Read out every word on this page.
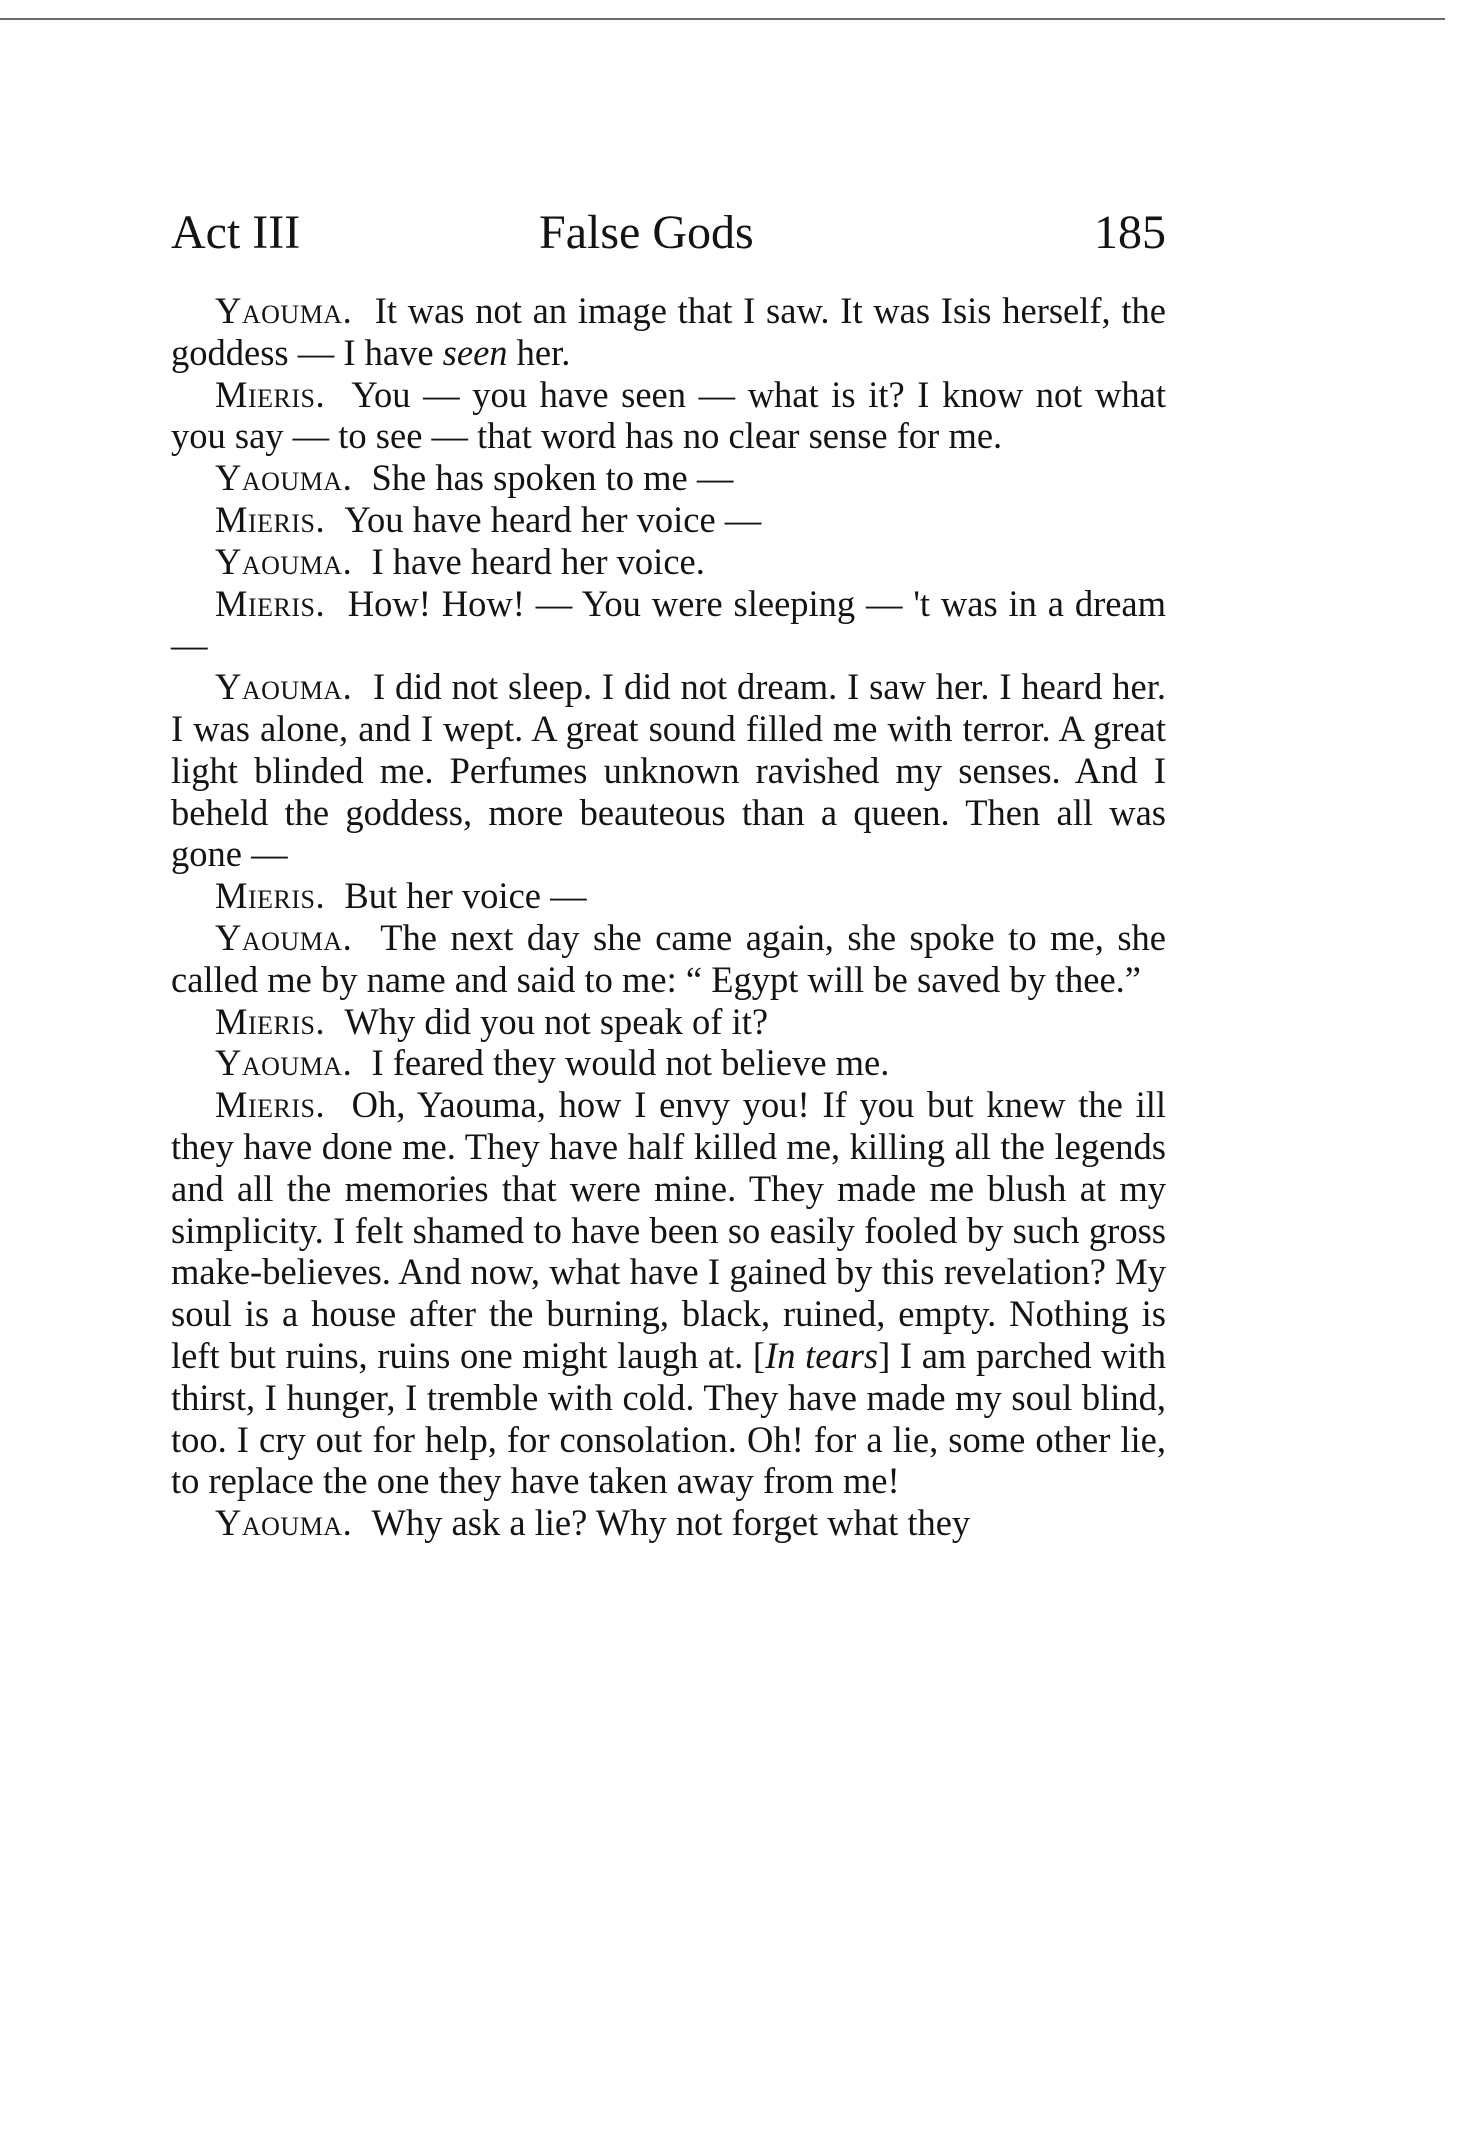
Act III	False Gods	185

Yaouma . It was not an image that I saw. It was Isis herself, the goddess — I have seen her.

Mieris . You — you have seen — what is it? I know not what you say — to see — that word has no clear sense for me.

Yaouma . She has spoken to me —

Mieris . You have heard her voice —

Yaouma . I have heard her voice.

Mieris . How! How! — You were sleeping — 't was in a dream —

Yaouma . I did not sleep. I did not dream. I saw her. I heard her. I was alone, and I wept. A great sound filled me with terror. A great light blinded me. Perfumes unknown ravished my senses. And I beheld the goddess, more beauteous than a queen. Then all was gone —

Mieris . But her voice —

Yaouma . The next day she came again, she spoke to me, she called me by name and said to me: “ Egypt will be saved by thee.”

Mieris . Why did you not speak of it?

Yaouma . I feared they would not believe me.

Mieris . Oh, Yaouma, how I envy you! If you but knew the ill they have done me. They have half killed me, killing all the legends and all the memories that were mine. They made me blush at my simplicity. I felt shamed to have been so easily fooled by such gross make-believes. And now, what have I gained by this revelation? My soul is a house after the burning, black, ruined, empty. Nothing is left but ruins, ruins one might laugh at. [In tears] I am parched with thirst, I hunger, I tremble with cold. They have made my soul blind, too. I cry out for help, for consolation. Oh! for a lie, some other lie, to replace the one they have taken away from me!

Yaouma . Why ask a lie? Why not forget what they
